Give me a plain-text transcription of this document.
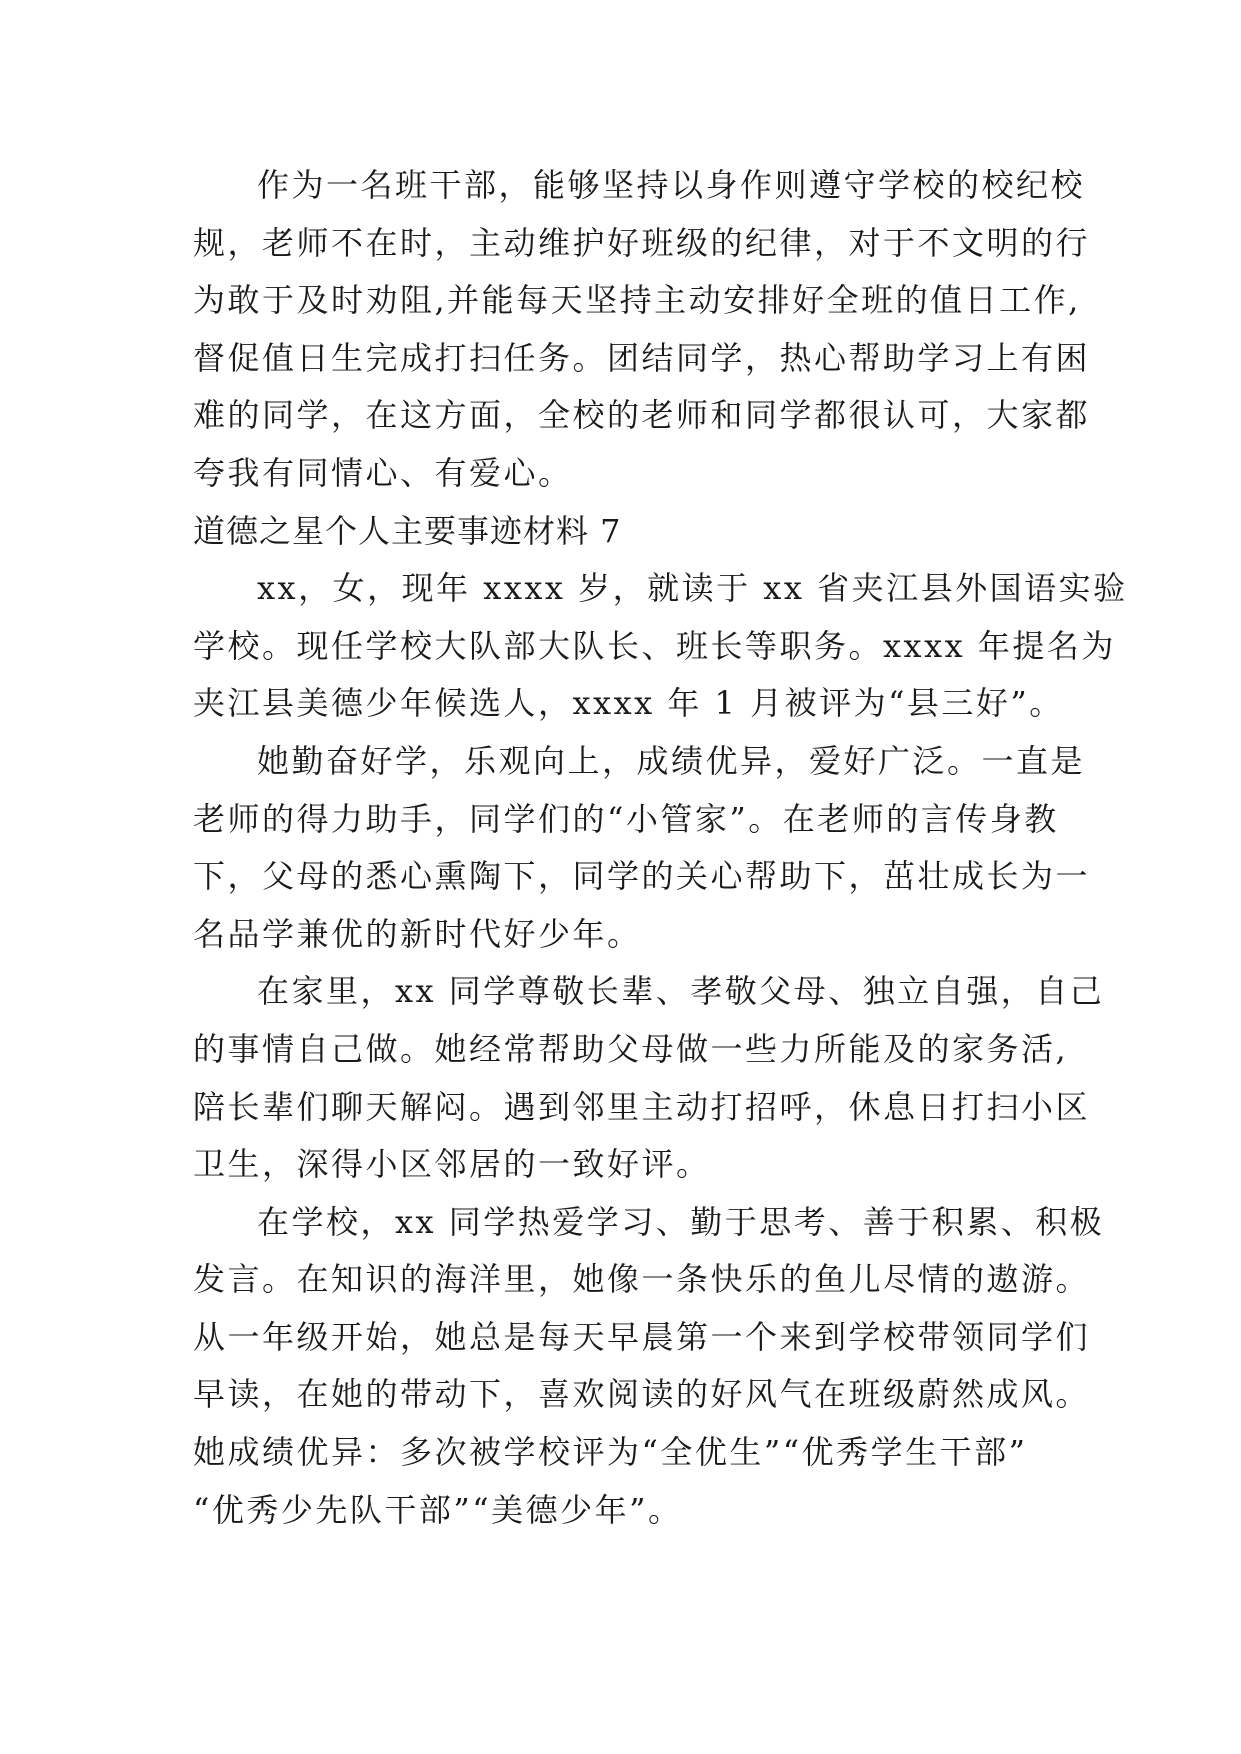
作为一名班干部，能够坚持以身作则遵守学校的校纪校
规，老师不在时，主动维护好班级的纪律，对于不文明的行
为敢于及时劝阻,并能每天坚持主动安排好全班的值日工作,
督促值日生完成打扫任务。团结同学，热心帮助学习上有困
难的同学，在这方面，全校的老师和同学都很认可，大家都
夸我有同情心、有爱心。
道德之星个人主要事迹材料 7
xx，女，现年 xxxx 岁，就读于 xx 省夹江县外国语实验
学校。现任学校大队部大队长、班长等职务。xxxx 年提名为
夹江县美德少年候选人，xxxx 年 1 月被评为“县三好”。
她勤奋好学，乐观向上，成绩优异，爱好广泛。一直是
老师的得力助手，同学们的“小管家”。在老师的言传身教
下，父母的悉心熏陶下，同学的关心帮助下，茁壮成长为一
名品学兼优的新时代好少年。
在家里，xx 同学尊敬长辈、孝敬父母、独立自强，自己
的事情自己做。她经常帮助父母做一些力所能及的家务活,
陪长辈们聊天解闷。遇到邻里主动打招呼，休息日打扫小区
卫生，深得小区邻居的一致好评。
在学校，xx 同学热爱学习、勤于思考、善于积累、积极
发言。在知识的海洋里，她像一条快乐的鱼儿尽情的遨游。
从一年级开始，她总是每天早晨第一个来到学校带领同学们
早读，在她的带动下，喜欢阅读的好风气在班级蔚然成风。
她成绩优异：多次被学校评为“全优生”“优秀学生干部”
“优秀少先队干部”“美德少年”。
